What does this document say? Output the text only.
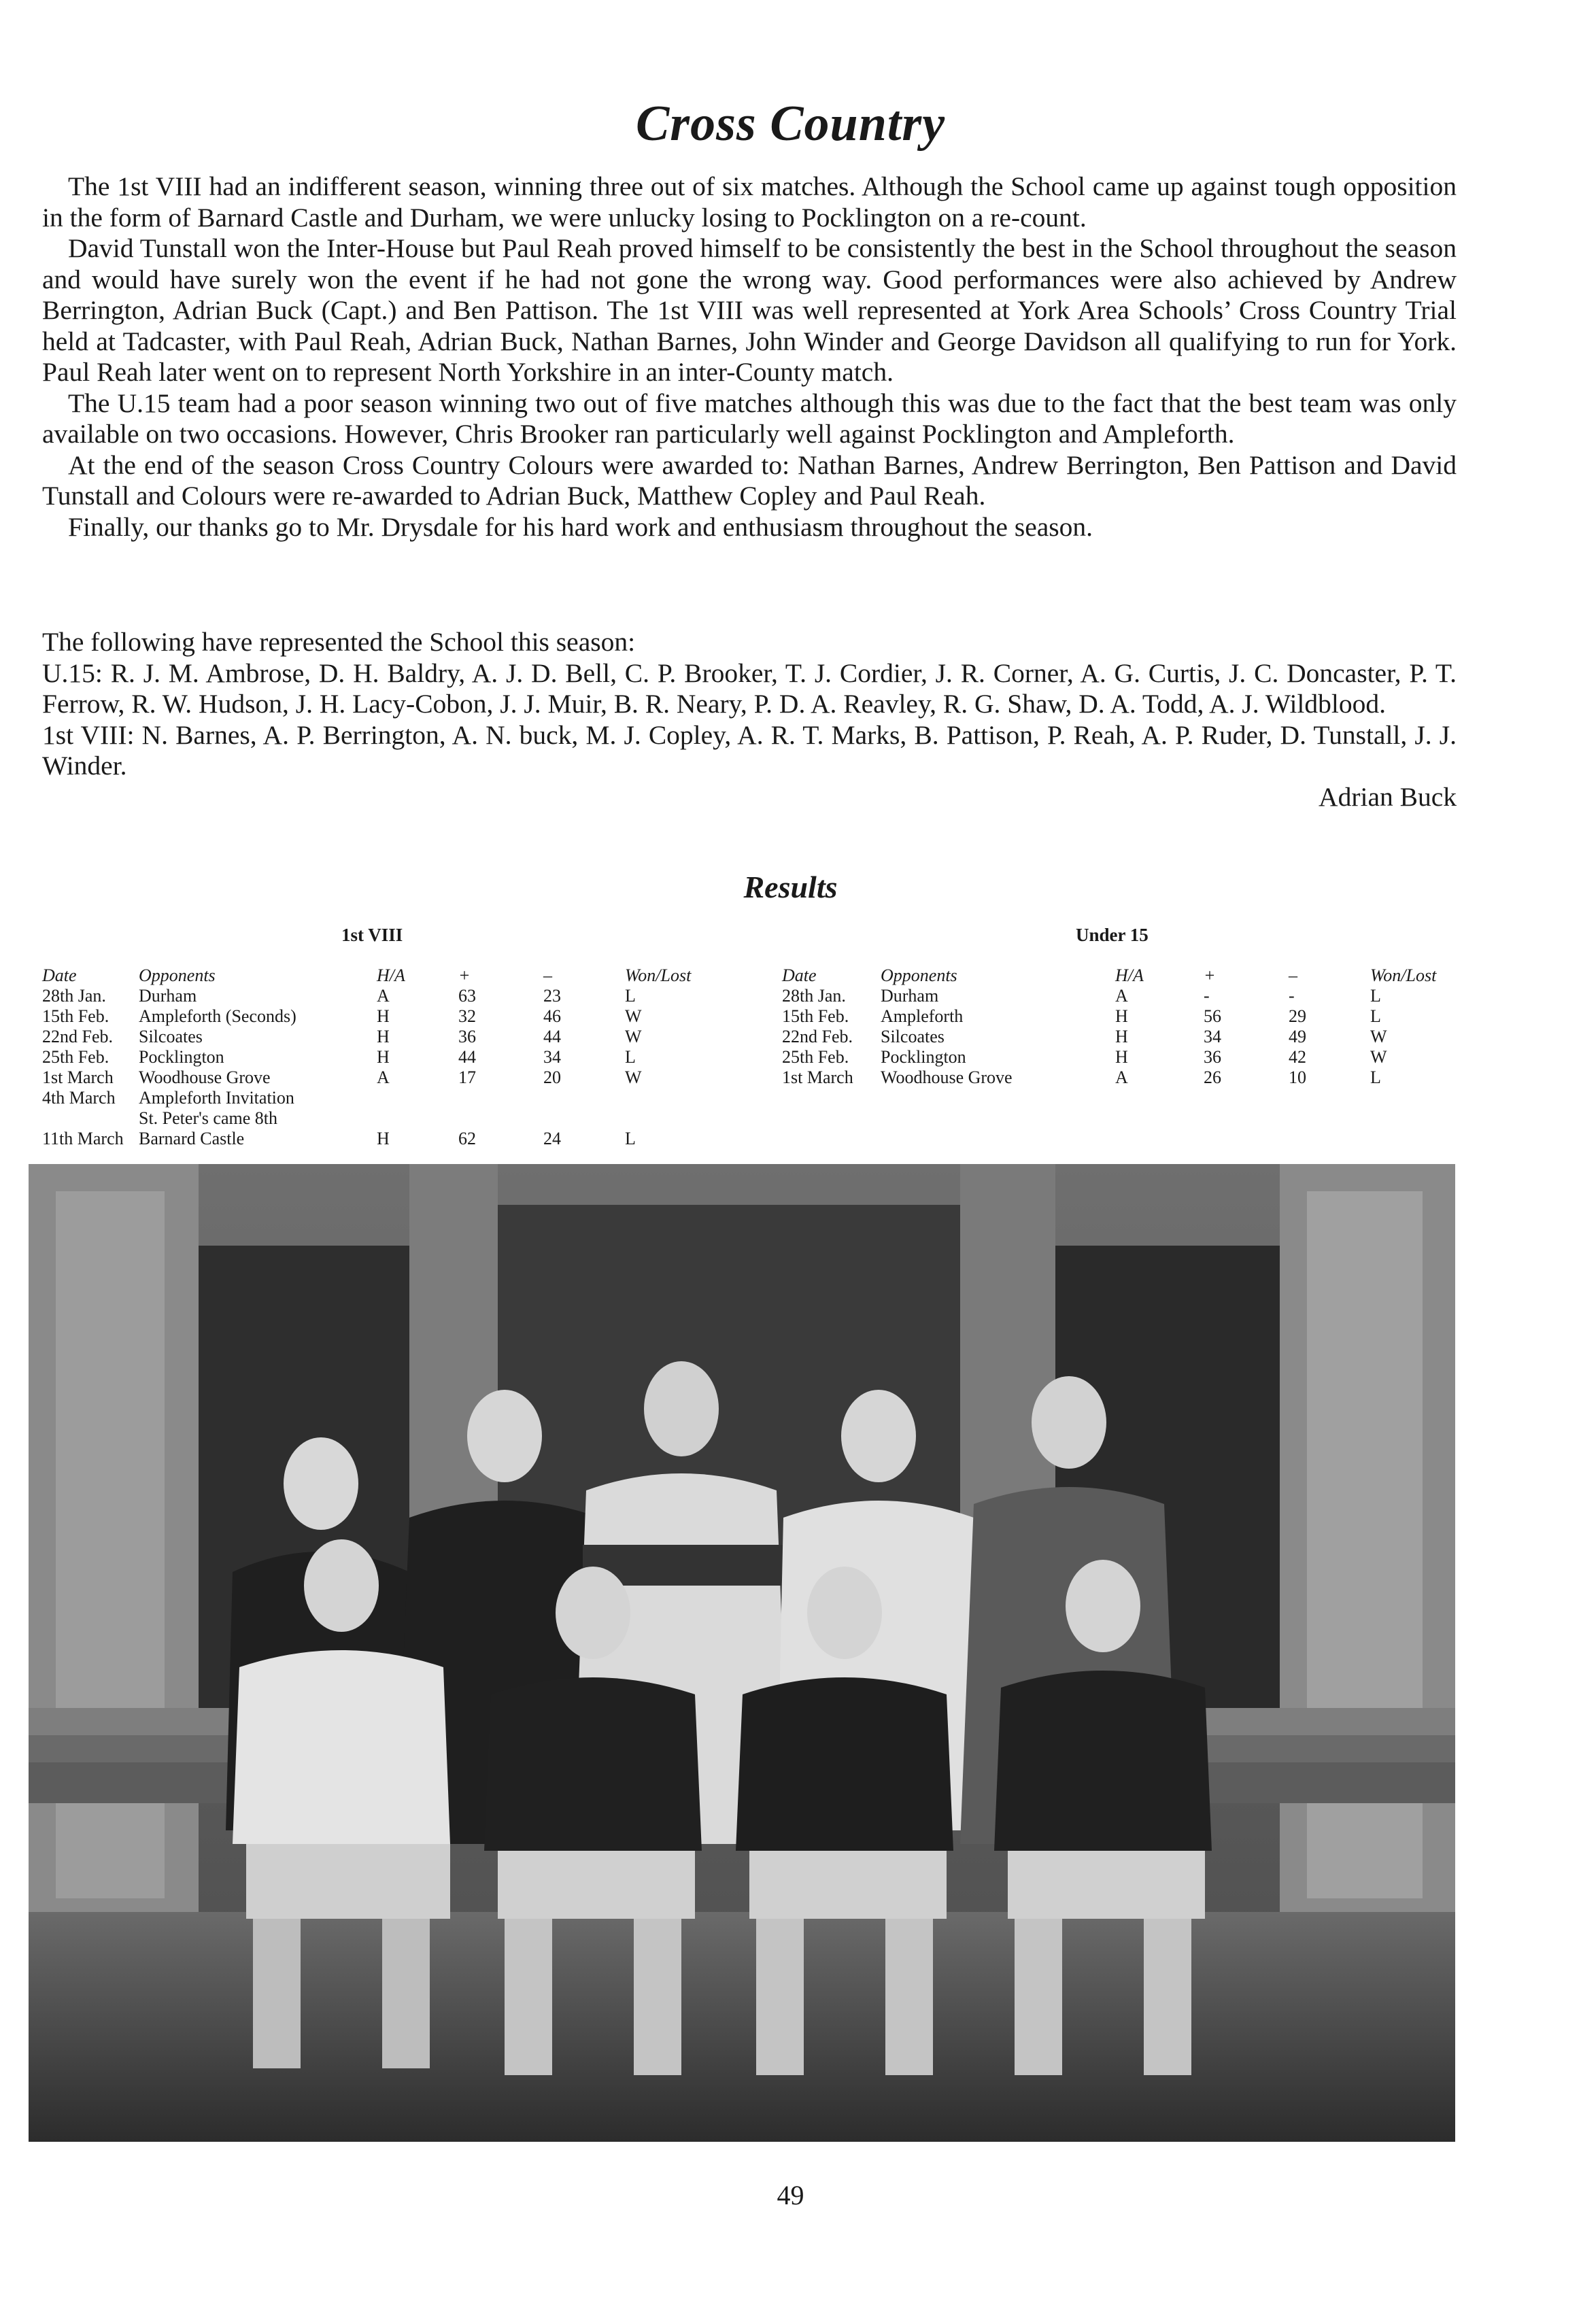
Cross Country

The 1st VIII had an indifferent season, winning three out of six matches. Although the School came up against tough opposition in the form of Barnard Castle and Durham, we were unlucky losing to Pocklington on a re-count.

David Tunstall won the Inter-House but Paul Reah proved himself to be consistently the best in the School throughout the season and would have surely won the event if he had not gone the wrong way. Good performances were also achieved by Andrew Berrington, Adrian Buck (Capt.) and Ben Pattison. The 1st VIII was well represented at York Area Schools’ Cross Country Trial held at Tadcaster, with Paul Reah, Adrian Buck, Nathan Barnes, John Winder and George Davidson all qualifying to run for York. Paul Reah later went on to represent North Yorkshire in an inter-County match.

The U.15 team had a poor season winning two out of five matches although this was due to the fact that the best team was only available on two occasions. However, Chris Brooker ran particularly well against Pocklington and Ampleforth.

At the end of the season Cross Country Colours were awarded to: Nathan Barnes, Andrew Berrington, Ben Pattison and David Tunstall and Colours were re-awarded to Adrian Buck, Matthew Copley and Paul Reah.

Finally, our thanks go to Mr. Drysdale for his hard work and enthusiasm throughout the season.

The following have represented the School this season:

U.15: R. J. M. Ambrose, D. H. Baldry, A. J. D. Bell, C. P. Brooker, T. J. Cordier, J. R. Corner, A. G. Curtis, J. C. Doncaster, P. T. Ferrow, R. W. Hudson, J. H. Lacy-Cobon, J. J. Muir, B. R. Neary, P. D. A. Reavley, R. G. Shaw, D. A. Todd, A. J. Wildblood.

1st VIII: N. Barnes, A. P. Berrington, A. N. buck, M. J. Copley, A. R. T. Marks, B. Pattison, P. Reah, A. P. Ruder, D. Tunstall, J. J. Winder.

Adrian Buck

Results
1st VIII
Date	Opponents	H/A	+	–	Won/Lost
28th Jan.	Durham	A	63	23	L
15th Feb.	Ampleforth (Seconds)	H	32	46	W
22nd Feb.	Silcoates	H	36	44	W
25th Feb.	Pocklington	H	44	34	L
1st March	Woodhouse Grove	A	17	20	W
4th March	Ampleforth Invitation				
	St. Peter's came 8th				
11th March	Barnard Castle	H	62	24	L
Under 15
Date	Opponents	H/A	+	–	Won/Lost
28th Jan.	Durham	A	-	-	L
15th Feb.	Ampleforth	H	56	29	L
22nd Feb.	Silcoates	H	34	49	W
25th Feb.	Pocklington	H	36	42	W
1st March	Woodhouse Grove	A	26	10	L
49
